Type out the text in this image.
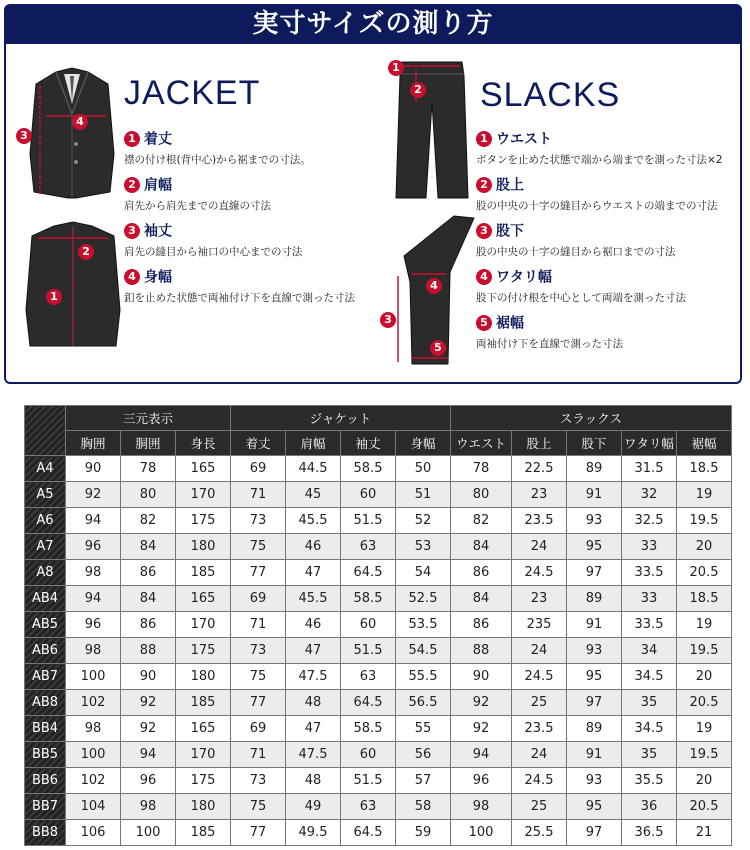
実寸サイズの測り方
3
4
2
1
JACKET
1 着丈
襟の付け根(背中心)から裾までの寸法。
2 肩幅
肩先から肩先までの直線の寸法
3 袖丈
肩先の縫目から袖口の中心までの寸法
4 身幅
釦を止めた状態で両袖付け下を直線で測った寸法
1
2
4
3
5
SLACKS
1 ウエスト
ボタンを止めた状態で端から端までを測った寸法×2
2 股上
股の中央の十字の縫目からウエストの端までの寸法
3 股下
股の中央の十字の縫目から裾口までの寸法
4 ワタリ幅
股下の付け根を中心として両端を測った寸法
5 裾幅
両袖付け下を直線で測った寸法
	三元表示			ジャケット				スラックス				
	胸囲	胴囲	身長	着丈	肩幅	袖丈	身幅	ウエスト	股上	股下	ワタリ幅	裾幅
A4	90	78	165	69	44.5	58.5	50	78	22.5	89	31.5	18.5
A5	92	80	170	71	45	60	51	80	23	91	32	19
A6	94	82	175	73	45.5	51.5	52	82	23.5	93	32.5	19.5
A7	96	84	180	75	46	63	53	84	24	95	33	20
A8	98	86	185	77	47	64.5	54	86	24.5	97	33.5	20.5
AB4	94	84	165	69	45.5	58.5	52.5	84	23	89	33	18.5
AB5	96	86	170	71	46	60	53.5	86	235	91	33.5	19
AB6	98	88	175	73	47	51.5	54.5	88	24	93	34	19.5
AB7	100	90	180	75	47.5	63	55.5	90	24.5	95	34.5	20
AB8	102	92	185	77	48	64.5	56.5	92	25	97	35	20.5
BB4	98	92	165	69	47	58.5	55	92	23.5	89	34.5	19
BB5	100	94	170	71	47.5	60	56	94	24	91	35	19.5
BB6	102	96	175	73	48	51.5	57	96	24.5	93	35.5	20
BB7	104	98	180	75	49	63	58	98	25	95	36	20.5
BB8	106	100	185	77	49.5	64.5	59	100	25.5	97	36.5	21
